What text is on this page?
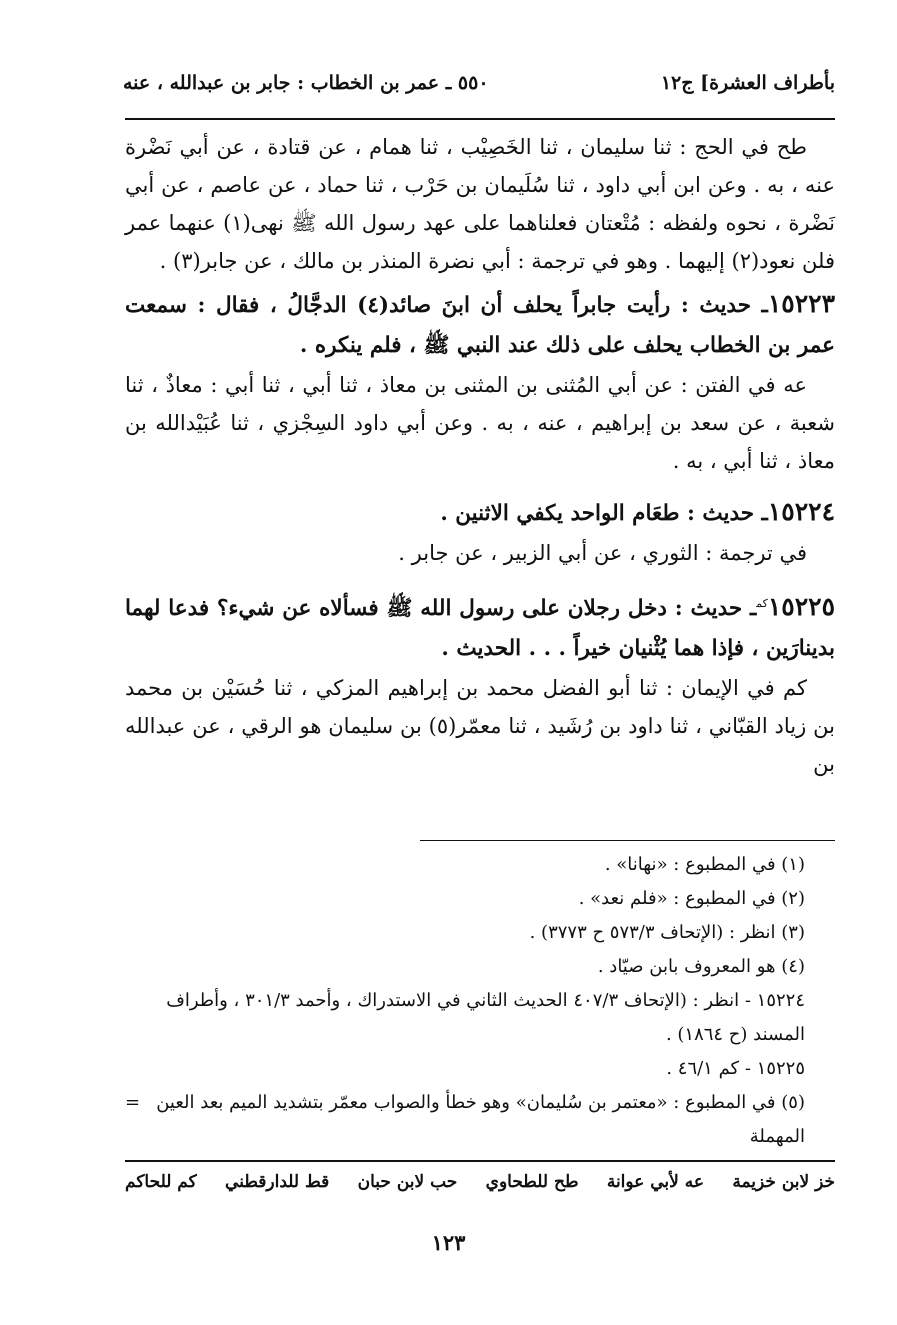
بأطراف العشرة] ج١٢
٥٥٠ ـ عمر بن الخطاب : جابر بن عبدالله ، عنه

طح في الحج : ثنا سليمان ، ثنا الخَصِيْب ، ثنا همام ، عن قتادة ، عن أبي نَضْرة عنه ، به . وعن ابن أبي داود ، ثنا سُلَيمان بن حَرْب ، ثنا حماد ، عن عاصم ، عن أبي نَضْرة ، نحوه ولفظه : مُتْعتان فعلناهما على عهد رسول الله ﷺ نهى(١) عنهما عمر فلن نعود(٢) إليهما . وهو في ترجمة : أبي نضرة المنذر بن مالك ، عن جابر(٣) .

١٥٢٢٣ـ حديث : رأيت جابراً يحلف أن ابنَ صائد(٤) الدجَّالُ ، فقال : سمعت عمر بن الخطاب يحلف على ذلك عند النبي ﷺ ، فلم ينكره .

عه في الفتن : عن أبي المُثنى بن المثنى بن معاذ ، ثنا أبي ، ثنا أبي : معاذٌ ، ثنا شعبة ، عن سعد بن إبراهيم ، عنه ، به . وعن أبي داود السِجْزي ، ثنا عُبَيْدالله بن معاذ ، ثنا أبي ، به .

١٥٢٢٤ـ حديث : طعَام الواحد يكفي الاثنين .

في ترجمة : الثوري ، عن أبي الزبير ، عن جابر .

$١٥٢٢٥^{كم}ـ$ حديث : دخل رجلان على رسول الله ﷺ فسألاه عن شيء؟ فدعا لهما بدينارَين ، فإذا هما يُثْنيان خيراً . . . الحديث .

كم في الإيمان : ثنا أبو الفضل محمد بن إبراهيم المزكي ، ثنا حُسَيْن بن محمد بن زياد القبّاني ، ثنا داود بن رُشَيد ، ثنا معمّر(٥) بن سليمان هو الرقي ، عن عبدالله بن

(١) في المطبوع : «نهانا» .

(٢) في المطبوع : «فلم نعد» .

(٣) انظر : (الإتحاف ٥٧٣/٣ ح ٣٧٧٣) .

(٤) هو المعروف بابن صيّاد .

١٥٢٢٤ - انظر : (الإتحاف ٤٠٧/٣ الحديث الثاني في الاستدراك ، وأحمد ٣٠١/٣ ، وأطراف المسند (ح ١٨٦٤) .

١٥٢٢٥ - كم ٤٦/١ .

(٥) في المطبوع : «معتمر بن سُليمان» وهو خطأ والصواب معمّر بتشديد الميم بعد العين المهملة
=
خز لابن خزيمة
عه لأبي عوانة
طح للطحاوي
حب لابن حبان
قط للدارقطني
كم للحاكم
١٢٣
